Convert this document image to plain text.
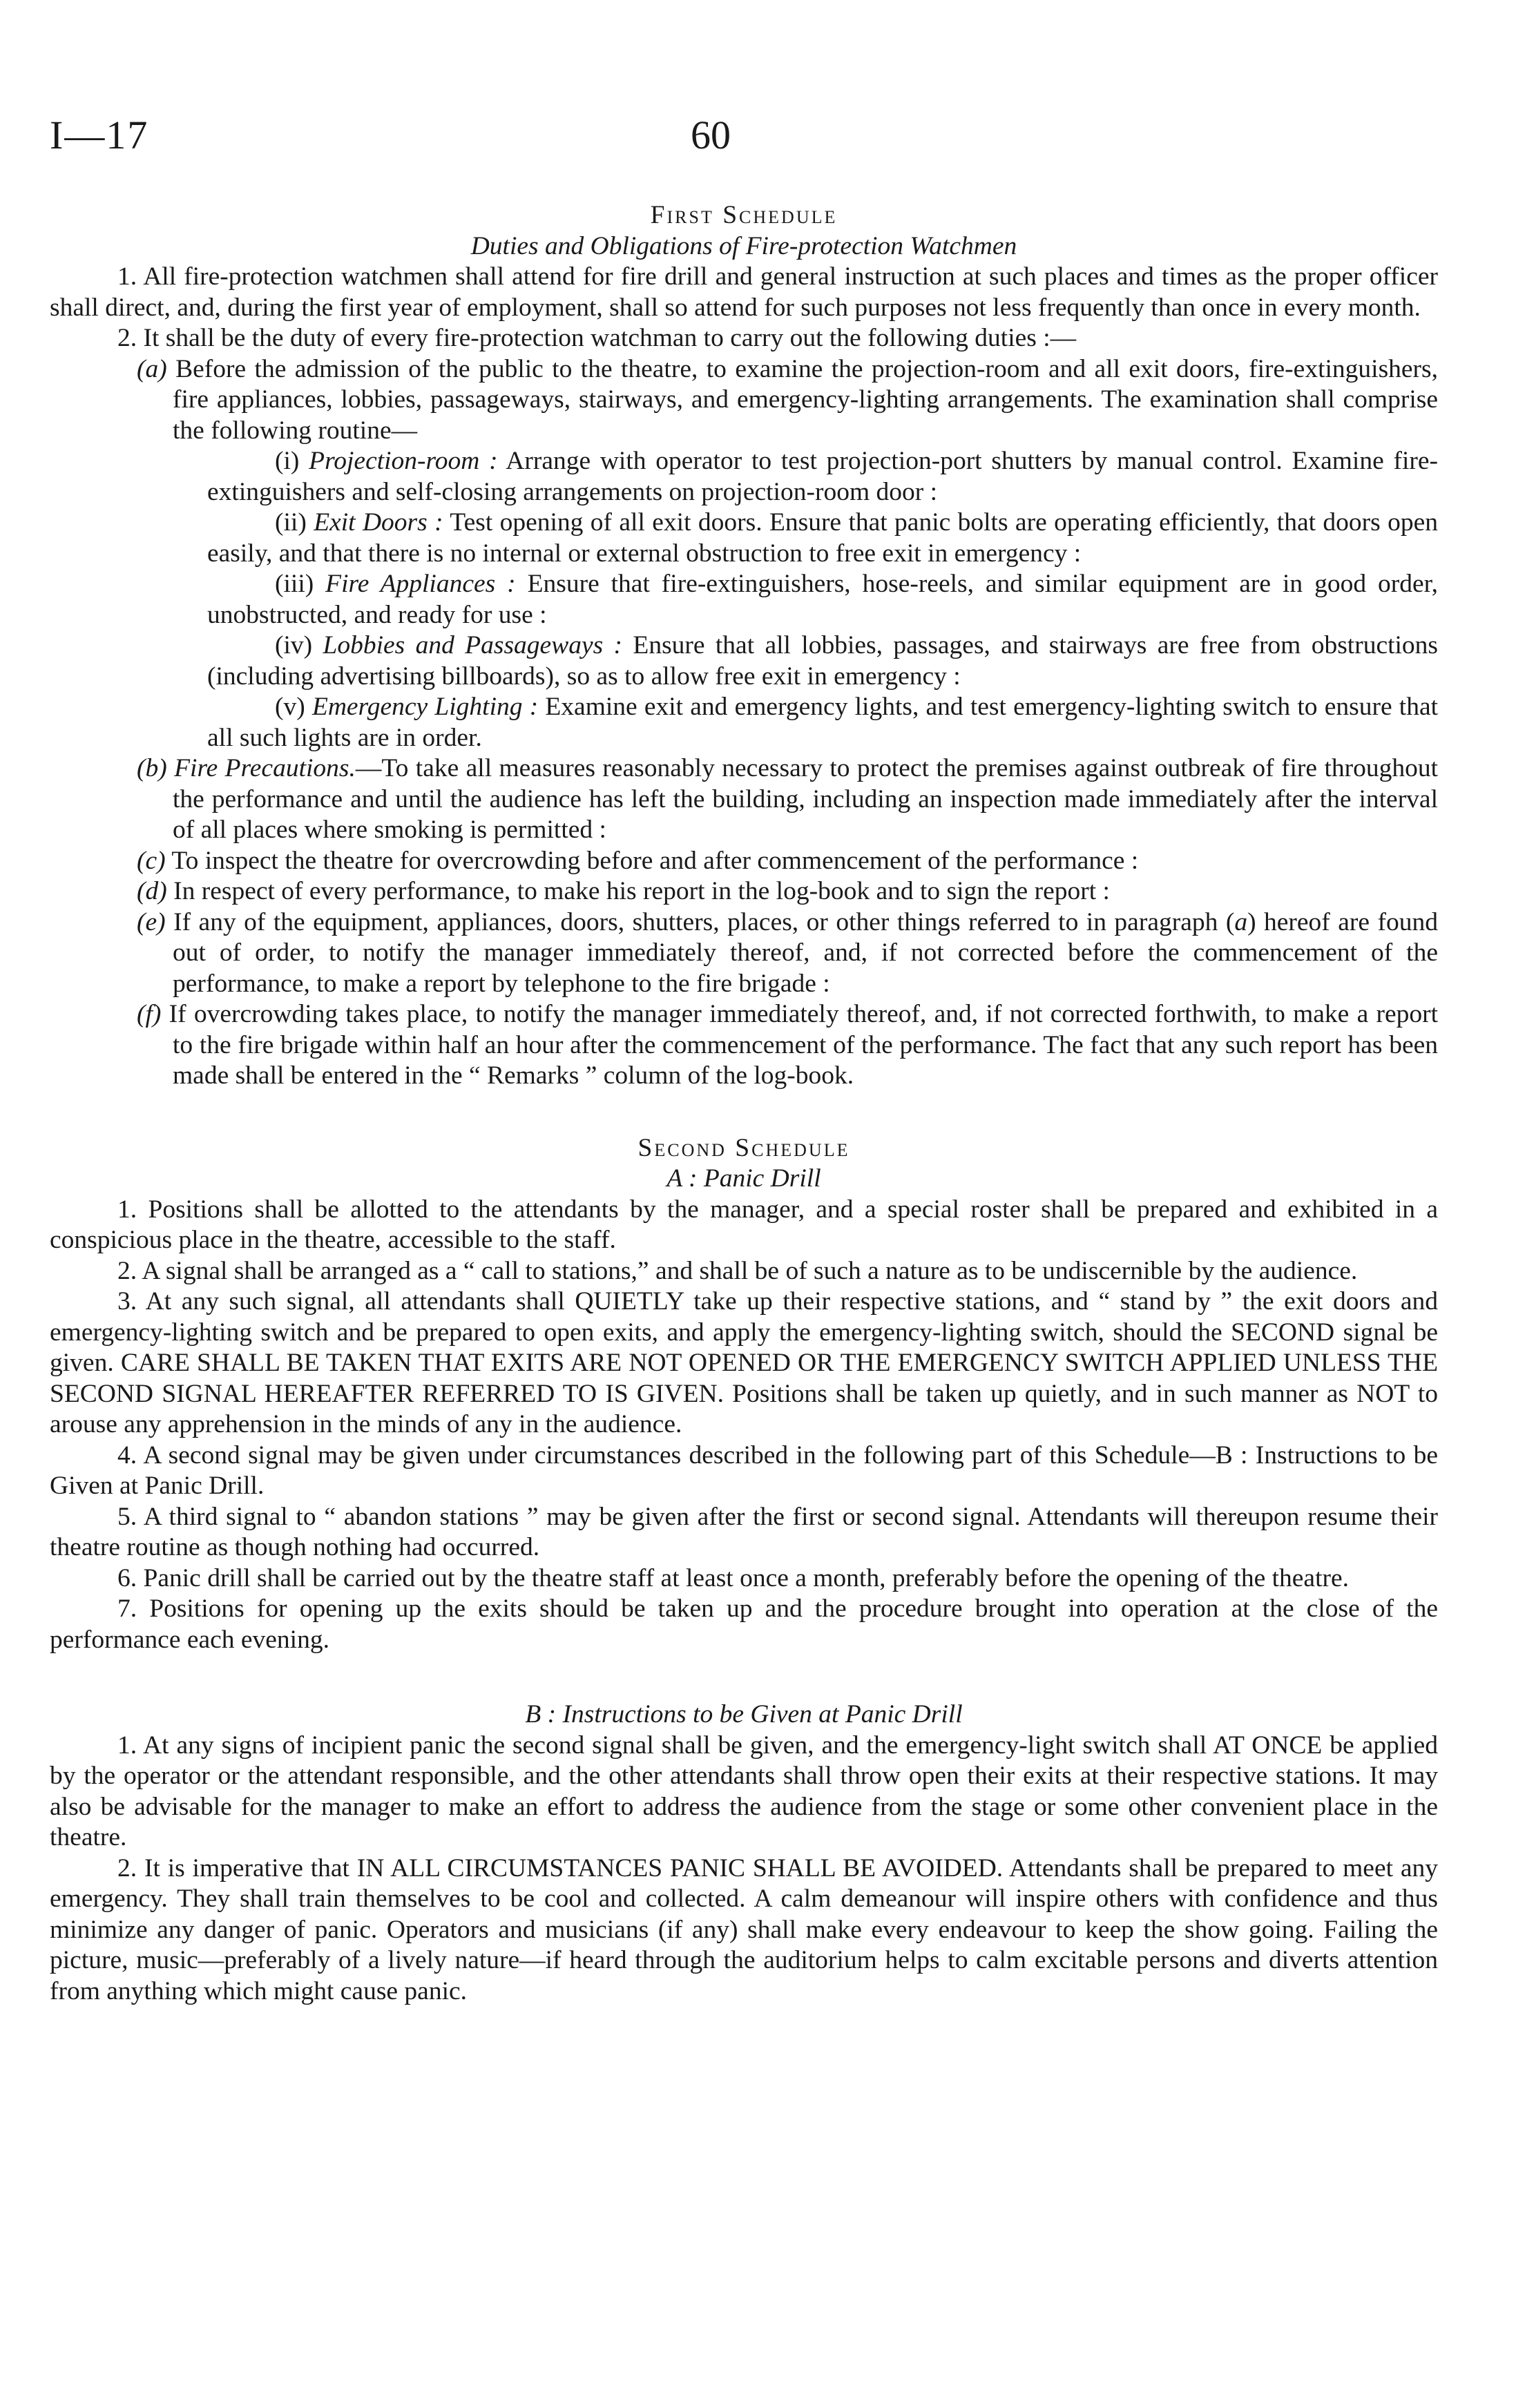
I—17	60

First Schedule

Duties and Obligations of Fire-protection Watchmen

1. All fire-protection watchmen shall attend for fire drill and general instruction at such places and times as the proper officer shall direct, and, during the first year of employment, shall so attend for such purposes not less frequently than once in every month.

2. It shall be the duty of every fire-protection watchman to carry out the following duties :—

(a) Before the admission of the public to the theatre, to examine the projection-room and all exit doors, fire-extinguishers, fire appliances, lobbies, passageways, stairways, and emergency-lighting arrangements. The examination shall comprise the following routine—

(i) Projection-room : Arrange with operator to test projection-port shutters by manual control. Examine fire-extinguishers and self-closing arrangements on projection-room door :

(ii) Exit Doors : Test opening of all exit doors. Ensure that panic bolts are operating efficiently, that doors open easily, and that there is no internal or external obstruction to free exit in emergency :

(iii) Fire Appliances : Ensure that fire-extinguishers, hose-reels, and similar equipment are in good order, unobstructed, and ready for use :

(iv) Lobbies and Passageways : Ensure that all lobbies, passages, and stairways are free from obstructions (including advertising billboards), so as to allow free exit in emergency :

(v) Emergency Lighting : Examine exit and emergency lights, and test emergency-lighting switch to ensure that all such lights are in order.

(b) Fire Precautions.—To take all measures reasonably necessary to protect the premises against outbreak of fire throughout the performance and until the audience has left the building, including an inspection made immediately after the interval of all places where smoking is permitted :

(c) To inspect the theatre for overcrowding before and after commencement of the performance :

(d) In respect of every performance, to make his report in the log-book and to sign the report :

(e) If any of the equipment, appliances, doors, shutters, places, or other things referred to in paragraph (a) hereof are found out of order, to notify the manager immediately thereof, and, if not corrected before the commencement of the performance, to make a report by telephone to the fire brigade :

(f) If overcrowding takes place, to notify the manager immediately thereof, and, if not corrected forthwith, to make a report to the fire brigade within half an hour after the commencement of the performance. The fact that any such report has been made shall be entered in the “ Remarks ” column of the log-book.

Second Schedule

A : Panic Drill

1. Positions shall be allotted to the attendants by the manager, and a special roster shall be prepared and exhibited in a conspicious place in the theatre, accessible to the staff.

2. A signal shall be arranged as a “ call to stations,” and shall be of such a nature as to be undiscernible by the audience.

3. At any such signal, all attendants shall QUIETLY take up their respective stations, and “ stand by ” the exit doors and emergency-lighting switch and be prepared to open exits, and apply the emergency-lighting switch, should the SECOND signal be given. CARE SHALL BE TAKEN THAT EXITS ARE NOT OPENED OR THE EMERGENCY SWITCH APPLIED UNLESS THE SECOND SIGNAL HEREAFTER REFERRED TO IS GIVEN. Positions shall be taken up quietly, and in such manner as NOT to arouse any apprehension in the minds of any in the audience.

4. A second signal may be given under circumstances described in the following part of this Schedule—B : Instructions to be Given at Panic Drill.

5. A third signal to “ abandon stations ” may be given after the first or second signal. Attendants will thereupon resume their theatre routine as though nothing had occurred.

6. Panic drill shall be carried out by the theatre staff at least once a month, preferably before the opening of the theatre.

7. Positions for opening up the exits should be taken up and the procedure brought into operation at the close of the performance each evening.

B : Instructions to be Given at Panic Drill

1. At any signs of incipient panic the second signal shall be given, and the emergency-light switch shall AT ONCE be applied by the operator or the attendant responsible, and the other attendants shall throw open their exits at their respective stations. It may also be advisable for the manager to make an effort to address the audience from the stage or some other convenient place in the theatre.

2. It is imperative that IN ALL CIRCUMSTANCES PANIC SHALL BE AVOIDED. Attendants shall be prepared to meet any emergency. They shall train themselves to be cool and collected. A calm demeanour will inspire others with confidence and thus minimize any danger of panic. Operators and musicians (if any) shall make every endeavour to keep the show going. Failing the picture, music—preferably of a lively nature—if heard through the auditorium helps to calm excitable persons and diverts attention from anything which might cause panic.
